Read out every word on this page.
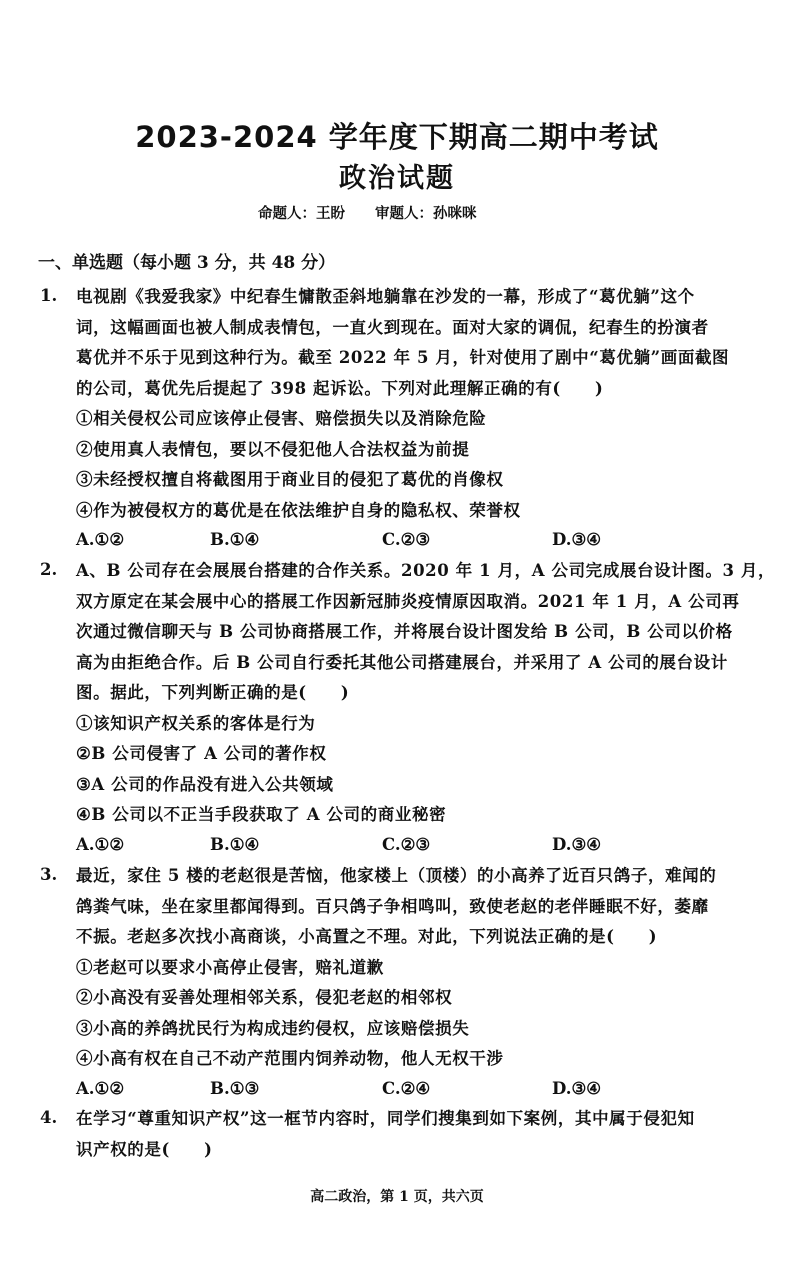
2023-2024 学年度下期高二期中考试
政治试题
命题人：王盼 审题人：孙咪咪
一、单选题（每小题 3 分，共 48 分）
1. 电视剧《我爱我家》中纪春生慵散歪斜地躺靠在沙发的一幕，形成了“葛优躺”这个
词，这幅画面也被人制成表情包，一直火到现在。面对大家的调侃，纪春生的扮演者
葛优并不乐于见到这种行为。截至 2022 年 5 月，针对使用了剧中“葛优躺”画面截图
的公司，葛优先后提起了 398 起诉讼。下列对此理解正确的有(　　)
①相关侵权公司应该停止侵害、赔偿损失以及消除危险
②使用真人表情包，要以不侵犯他人合法权益为前提
③未经授权擅自将截图用于商业目的侵犯了葛优的肖像权
④作为被侵权方的葛优是在依法维护自身的隐私权、荣誉权
A.①②	B.①④	C.②③	D.③④
2. A、B 公司存在会展展台搭建的合作关系。2020 年 1 月，A 公司完成展台设计图。3 月，
双方原定在某会展中心的搭展工作因新冠肺炎疫情原因取消。2021 年 1 月，A 公司再
次通过微信聊天与 B 公司协商搭展工作，并将展台设计图发给 B 公司，B 公司以价格
高为由拒绝合作。后 B 公司自行委托其他公司搭建展台，并采用了 A 公司的展台设计
图。据此，下列判断正确的是(　　)
①该知识产权关系的客体是行为
②B 公司侵害了 A 公司的著作权
③A 公司的作品没有进入公共领域
④B 公司以不正当手段获取了 A 公司的商业秘密
A.①②	B.①④	C.②③	D.③④
3. 最近，家住 5 楼的老赵很是苦恼，他家楼上（顶楼）的小高养了近百只鸽子，难闻的
鸽粪气味，坐在家里都闻得到。百只鸽子争相鸣叫，致使老赵的老伴睡眠不好，萎靡
不振。老赵多次找小高商谈，小高置之不理。对此，下列说法正确的是(　　)
①老赵可以要求小高停止侵害，赔礼道歉
②小高没有妥善处理相邻关系，侵犯老赵的相邻权
③小高的养鸽扰民行为构成违约侵权，应该赔偿损失
④小高有权在自己不动产范围内饲养动物，他人无权干涉
A.①②	B.①③	C.②④	D.③④
4. 在学习“尊重知识产权”这一框节内容时，同学们搜集到如下案例，其中属于侵犯知
识产权的是(　　)
高二政治，第 1 页，共六页
